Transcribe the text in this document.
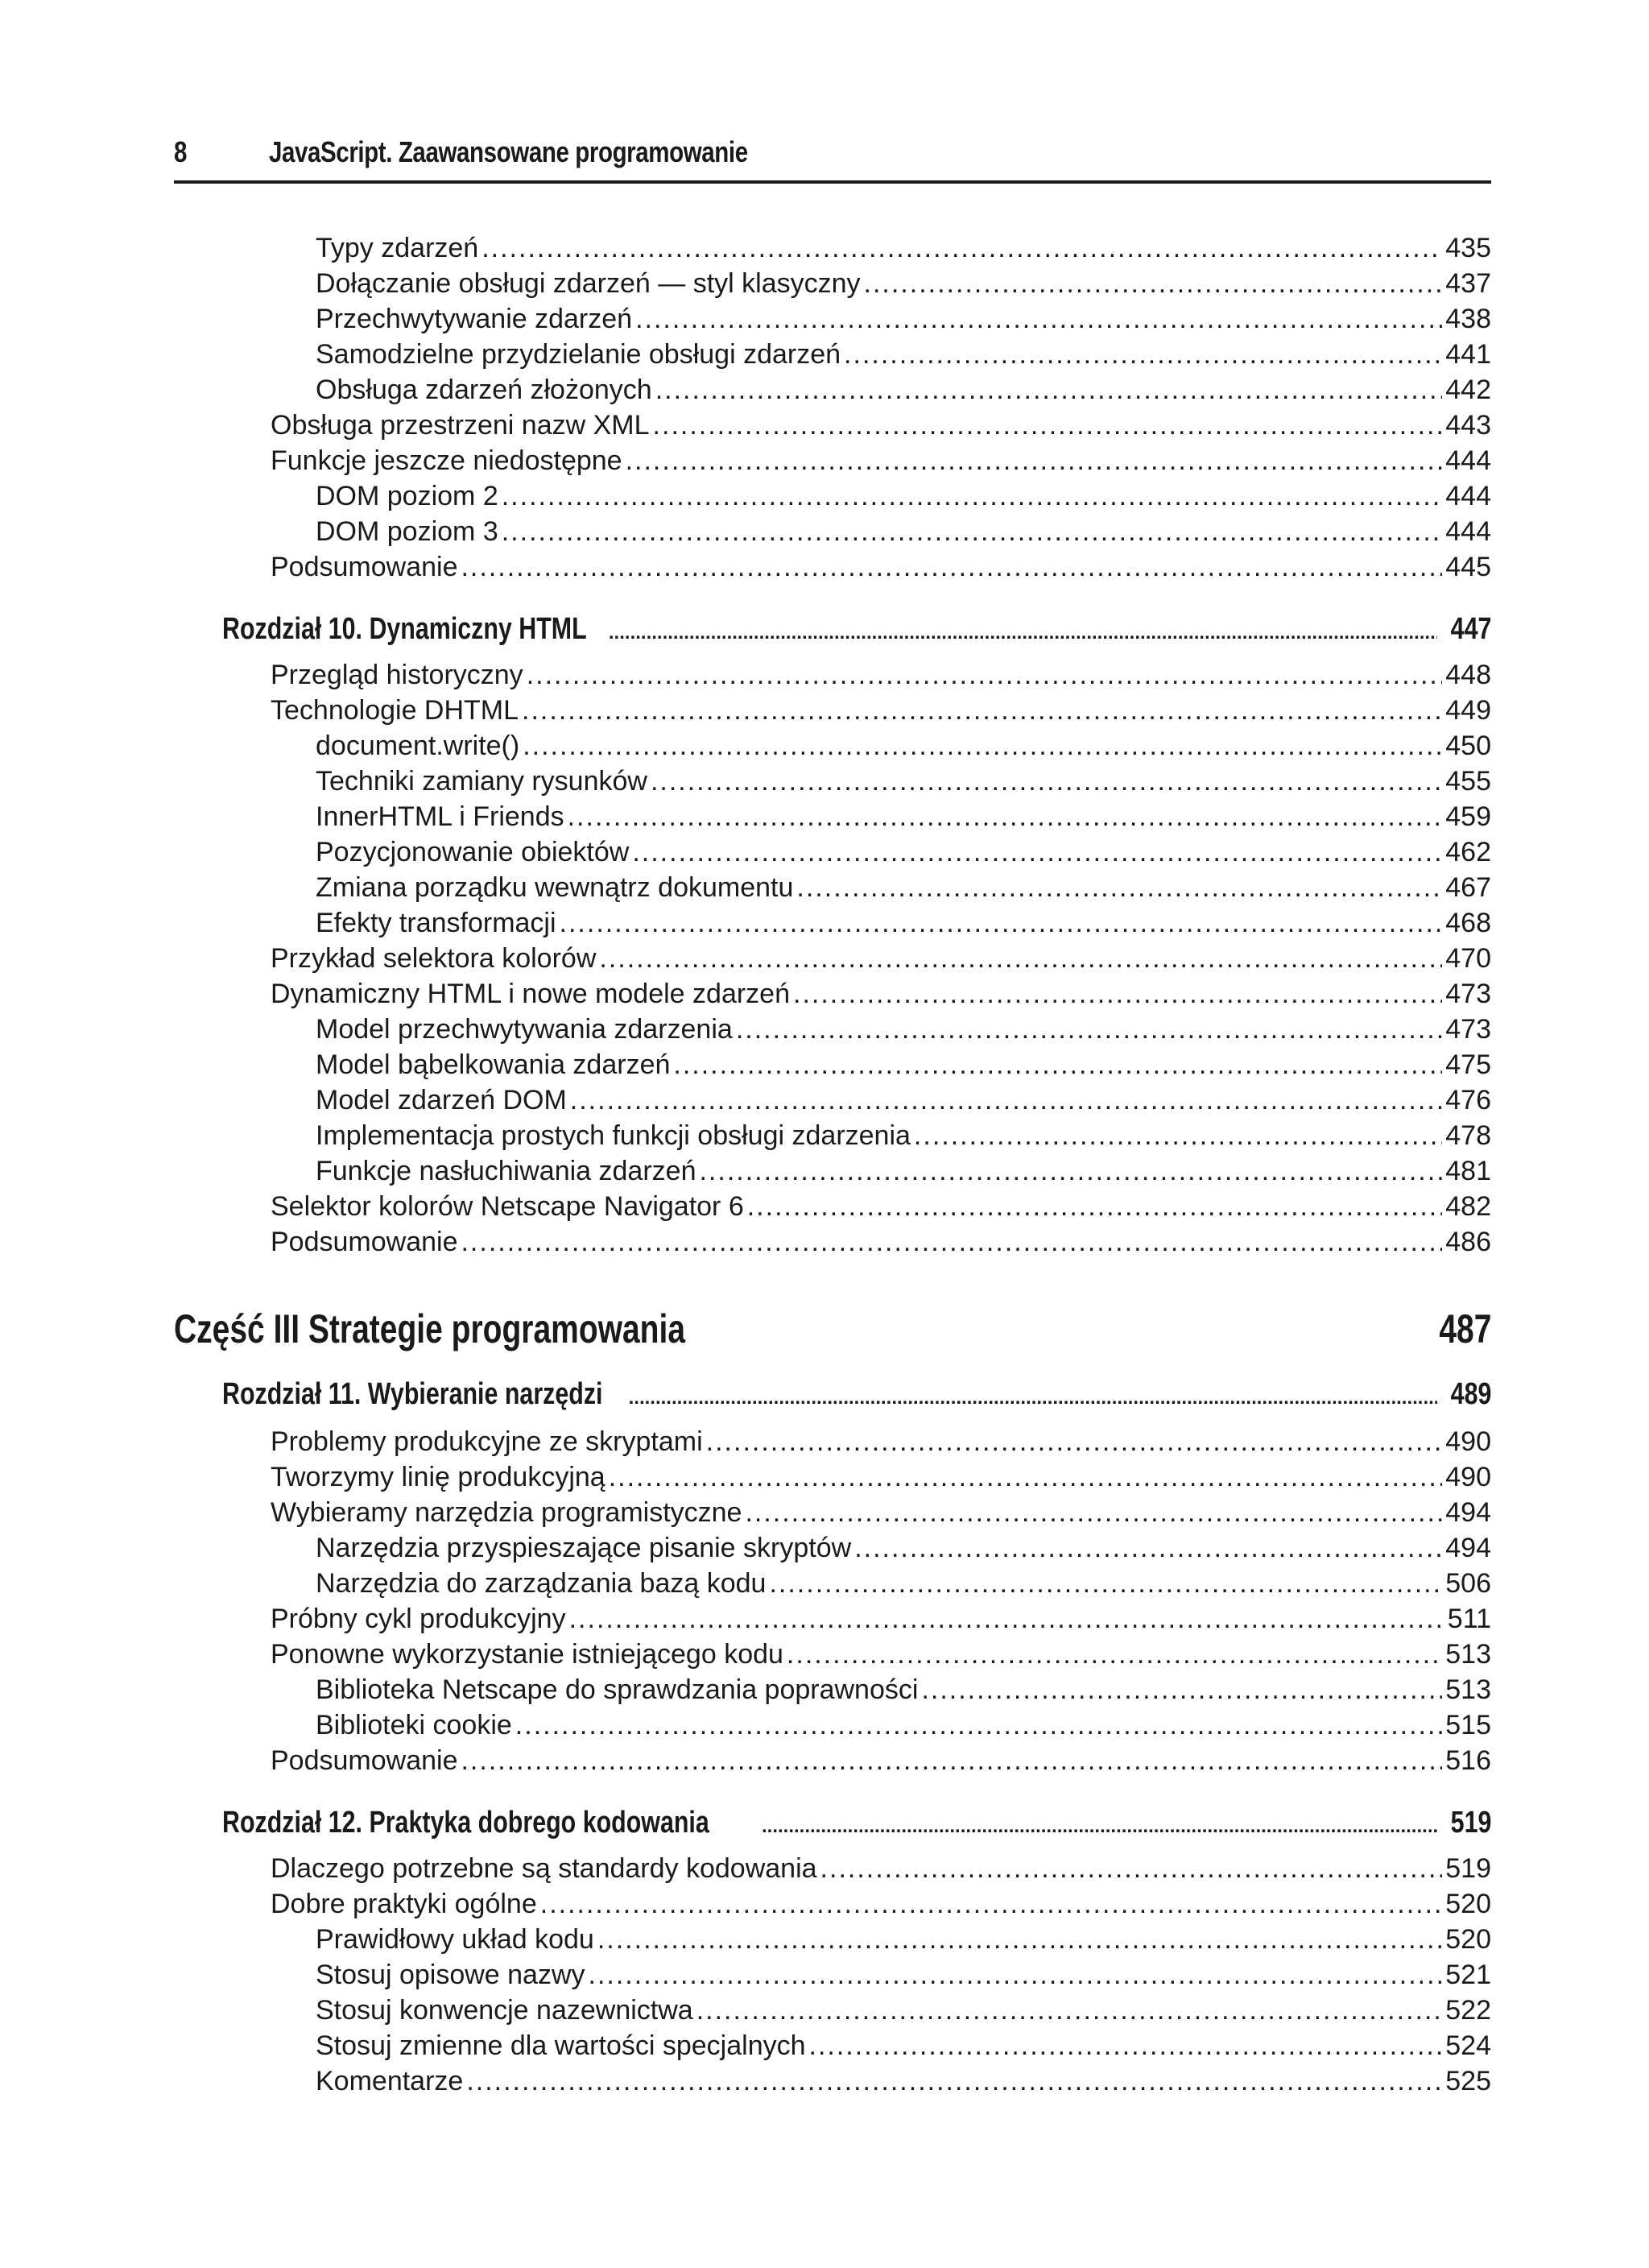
8	JavaScript. Zaawansowane programowanie
Typy zdarzeń .....	435
Dołączanie obsługi zdarzeń — styl klasyczny .....	437
Przechwytywanie zdarzeń .....	438
Samodzielne przydzielanie obsługi zdarzeń .....	441
Obsługa zdarzeń złożonych .....	442
Obsługa przestrzeni nazw XML .....	443
Funkcje jeszcze niedostępne .....	444
DOM poziom 2 .....	444
DOM poziom 3 .....	444
Podsumowanie .....	445
Rozdział 10. Dynamiczny HTML .....	447
Przegląd historyczny .....	448
Technologie DHTML .....	449
document.write() .....	450
Techniki zamiany rysunków .....	455
InnerHTML i Friends .....	459
Pozycjonowanie obiektów .....	462
Zmiana porządku wewnątrz dokumentu .....	467
Efekty transformacji .....	468
Przykład selektora kolorów .....	470
Dynamiczny HTML i nowe modele zdarzeń .....	473
Model przechwytywania zdarzenia .....	473
Model bąbelkowania zdarzeń .....	475
Model zdarzeń DOM .....	476
Implementacja prostych funkcji obsługi zdarzenia .....	478
Funkcje nasłuchiwania zdarzeń .....	481
Selektor kolorów Netscape Navigator 6 .....	482
Podsumowanie .....	486
Część III Strategie programowania	487
Rozdział 11. Wybieranie narzędzi .....	489
Problemy produkcyjne ze skryptami .....	490
Tworzymy linię produkcyjną .....	490
Wybieramy narzędzia programistyczne .....	494
Narzędzia przyspieszające pisanie skryptów .....	494
Narzędzia do zarządzania bazą kodu .....	506
Próbny cykl produkcyjny .....	511
Ponowne wykorzystanie istniejącego kodu .....	513
Biblioteka Netscape do sprawdzania poprawności .....	513
Biblioteki cookie .....	515
Podsumowanie .....	516
Rozdział 12. Praktyka dobrego kodowania .....	519
Dlaczego potrzebne są standardy kodowania .....	519
Dobre praktyki ogólne .....	520
Prawidłowy układ kodu .....	520
Stosuj opisowe nazwy .....	521
Stosuj konwencje nazewnictwa .....	522
Stosuj zmienne dla wartości specjalnych .....	524
Komentarze .....	525
